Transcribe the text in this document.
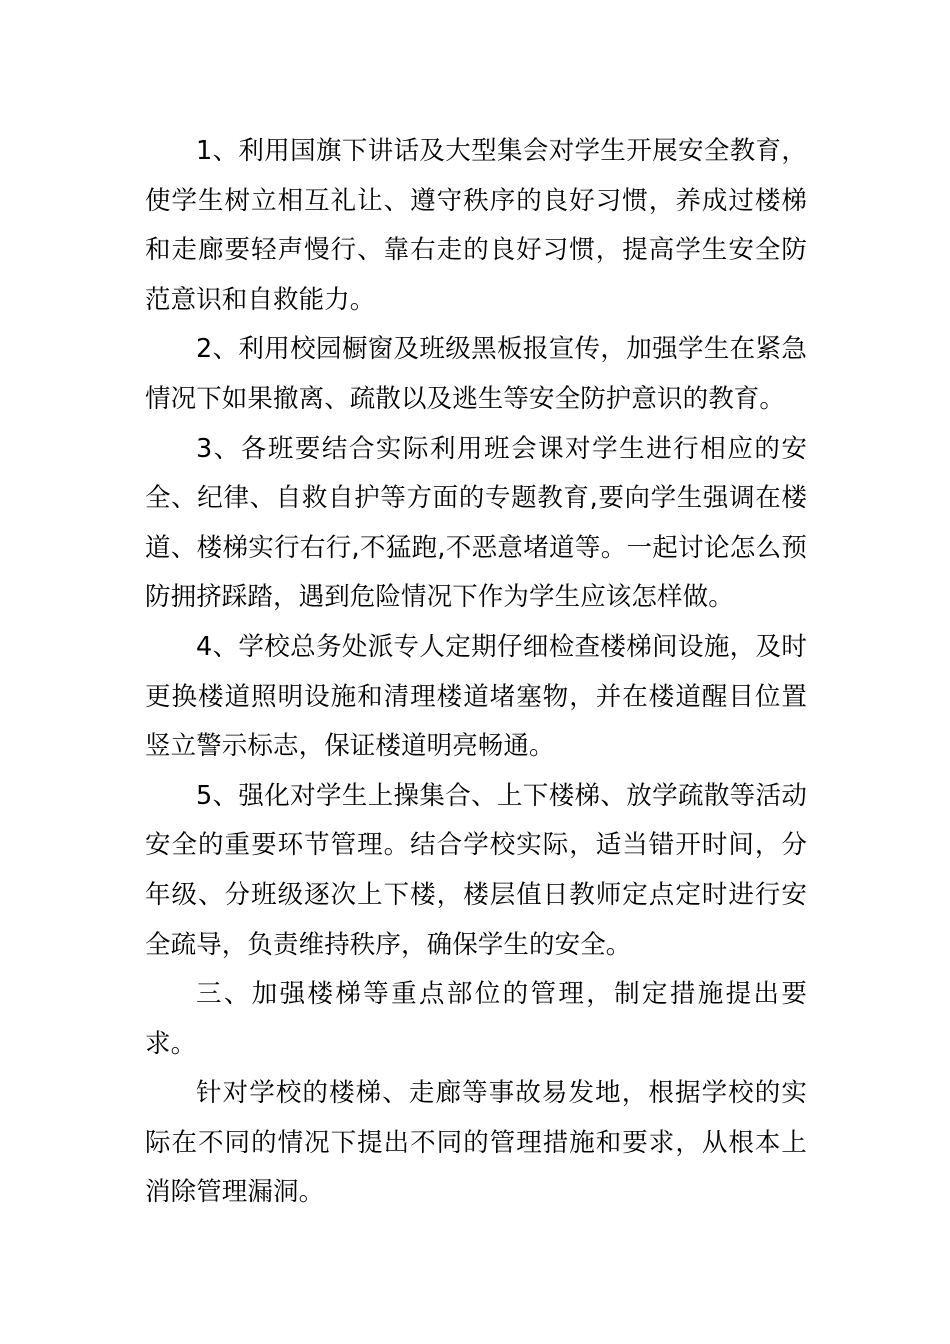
1、利用国旗下讲话及大型集会对学生开展安全教育，使学生树立相互礼让、遵守秩序的良好习惯，养成过楼梯和走廊要轻声慢行、靠右走的良好习惯，提高学生安全防范意识和自救能力。

2、利用校园橱窗及班级黑板报宣传，加强学生在紧急情况下如果撤离、疏散以及逃生等安全防护意识的教育。

3、各班要结合实际利用班会课对学生进行相应的安全、纪律、自救自护等方面的专题教育,要向学生强调在楼道、楼梯实行右行,不猛跑,不恶意堵道等。一起讨论怎么预防拥挤踩踏，遇到危险情况下作为学生应该怎样做。

4、学校总务处派专人定期仔细检查楼梯间设施，及时更换楼道照明设施和清理楼道堵塞物，并在楼道醒目位置竖立警示标志，保证楼道明亮畅通。

5、强化对学生上操集合、上下楼梯、放学疏散等活动安全的重要环节管理。结合学校实际，适当错开时间，分年级、分班级逐次上下楼，楼层值日教师定点定时进行安全疏导，负责维持秩序，确保学生的安全。

三、加强楼梯等重点部位的管理，制定措施提出要求。

针对学校的楼梯、走廊等事故易发地，根据学校的实际在不同的情况下提出不同的管理措施和要求，从根本上消除管理漏洞。
